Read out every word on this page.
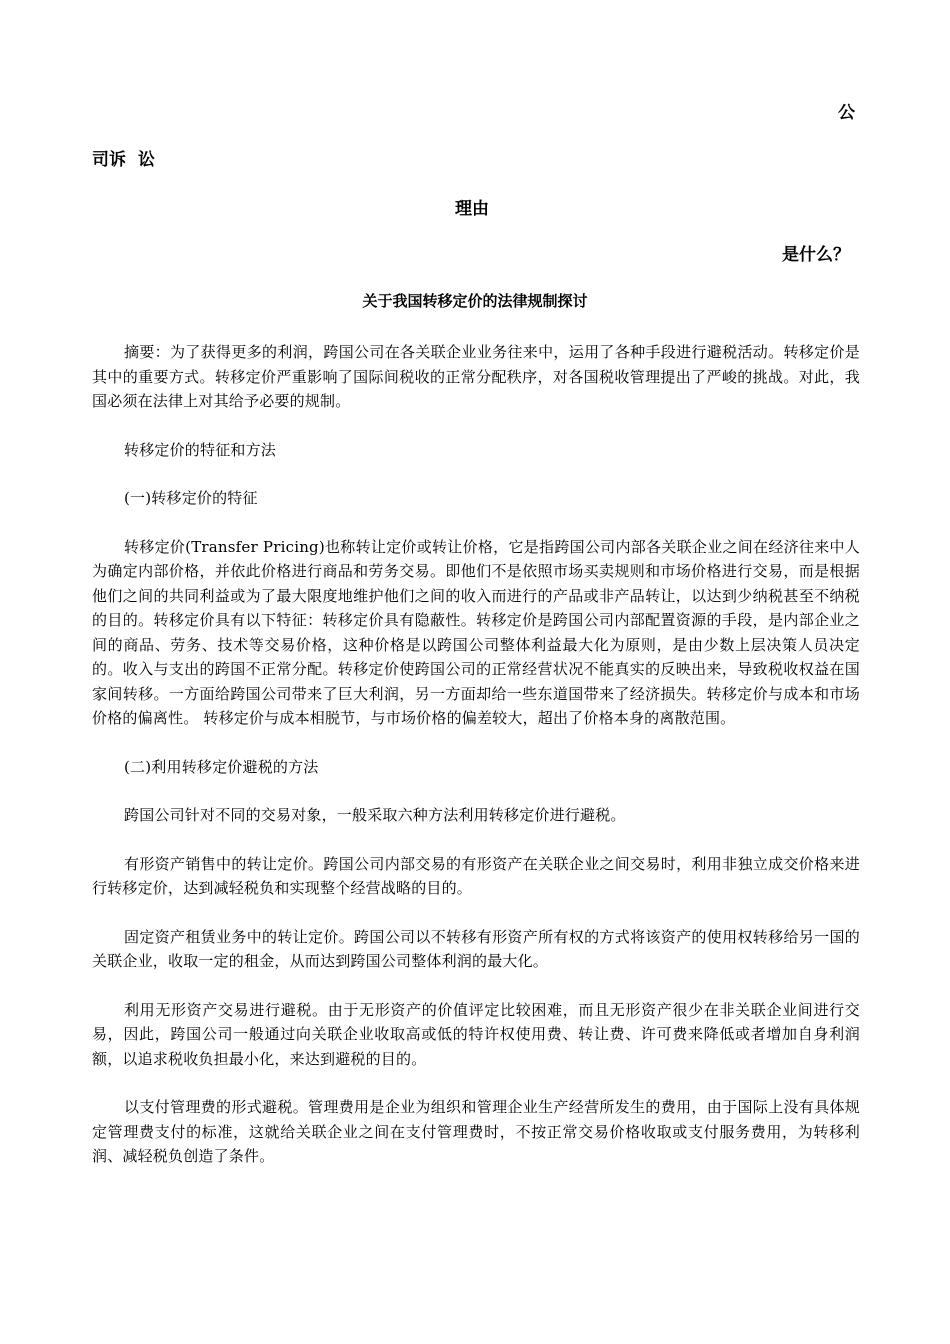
公
司诉 讼
理由
是什么？
关于我国转移定价的法律规制探讨

摘要：为了获得更多的利润，跨国公司在各关联企业业务往来中，运用了各种手段进行避税活动。转移定价是其中的重要方式。转移定价严重影响了国际间税收的正常分配秩序，对各国税收管理提出了严峻的挑战。对此，我国必须在法律上对其给予必要的规制。

转移定价的特征和方法

(一)转移定价的特征

转移定价(Transfer Pricing)也称转让定价或转让价格，它是指跨国公司内部各关联企业之间在经济往来中人为确定内部价格，并依此价格进行商品和劳务交易。即他们不是依照市场买卖规则和市场价格进行交易，而是根据他们之间的共同利益或为了最大限度地维护他们之间的收入而进行的产品或非产品转让，以达到少纳税甚至不纳税的目的。转移定价具有以下特征：转移定价具有隐蔽性。转移定价是跨国公司内部配置资源的手段，是内部企业之间的商品、劳务、技术等交易价格，这种价格是以跨国公司整体利益最大化为原则，是由少数上层决策人员决定的。收入与支出的跨国不正常分配。转移定价使跨国公司的正常经营状况不能真实的反映出来，导致税收权益在国家间转移。一方面给跨国公司带来了巨大利润，另一方面却给一些东道国带来了经济损失。转移定价与成本和市场价格的偏离性。 转移定价与成本相脱节，与市场价格的偏差较大，超出了价格本身的离散范围。

(二)利用转移定价避税的方法

跨国公司针对不同的交易对象，一般采取六种方法利用转移定价进行避税。

有形资产销售中的转让定价。跨国公司内部交易的有形资产在关联企业之间交易时，利用非独立成交价格来进行转移定价，达到减轻税负和实现整个经营战略的目的。

固定资产租赁业务中的转让定价。跨国公司以不转移有形资产所有权的方式将该资产的使用权转移给另一国的关联企业，收取一定的租金，从而达到跨国公司整体利润的最大化。

利用无形资产交易进行避税。由于无形资产的价值评定比较困难，而且无形资产很少在非关联企业间进行交易，因此，跨国公司一般通过向关联企业收取高或低的特许权使用费、转让费、许可费来降低或者增加自身利润额，以追求税收负担最小化，来达到避税的目的。

以支付管理费的形式避税。管理费用是企业为组织和管理企业生产经营所发生的费用，由于国际上没有具体规定管理费支付的标准，这就给关联企业之间在支付管理费时，不按正常交易价格收取或支付服务费用，为转移利润、减轻税负创造了条件。
